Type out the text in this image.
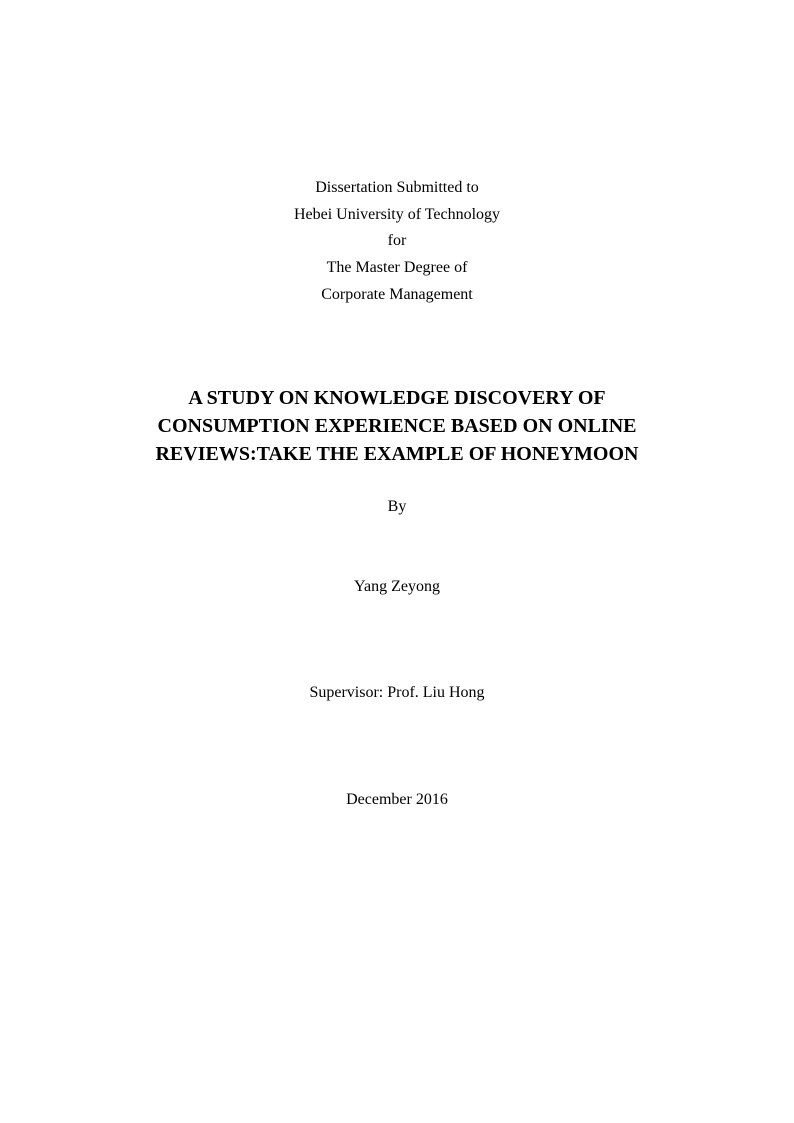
Dissertation Submitted to
Hebei University of Technology
for
The Master Degree of
Corporate Management
A STUDY ON KNOWLEDGE DISCOVERY OF
CONSUMPTION EXPERIENCE BASED ON ONLINE
REVIEWS:TAKE THE EXAMPLE OF HONEYMOON
By
Yang Zeyong
Supervisor: Prof. Liu Hong
December 2016
